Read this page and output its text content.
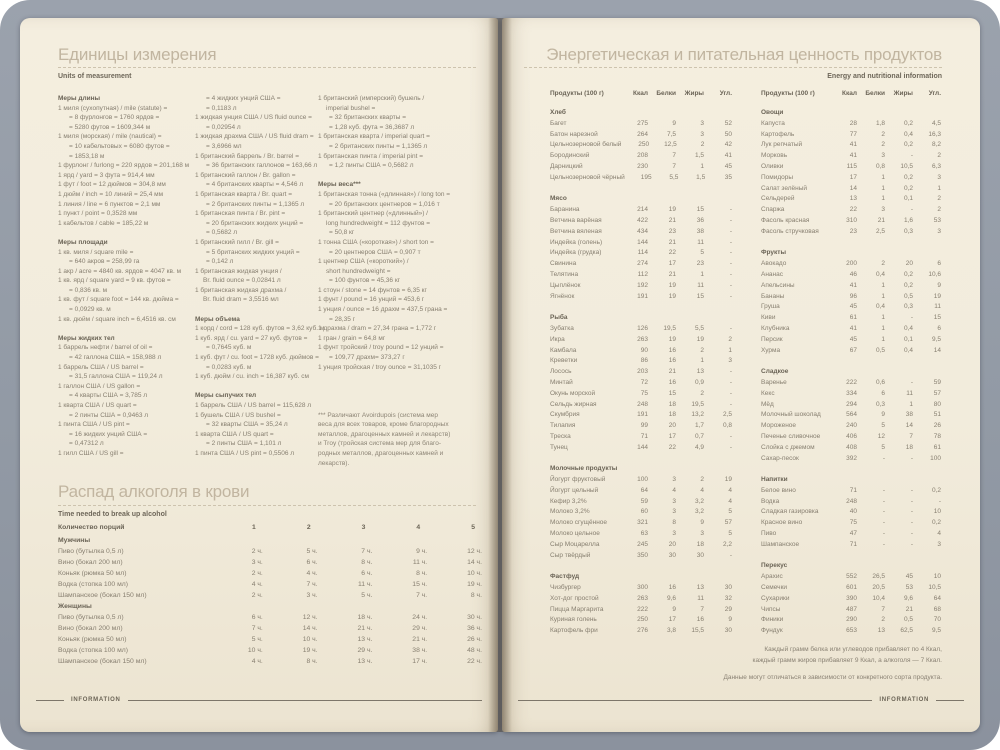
Единицы измерения
Units of measurement
Меры длины
1 миля (сухопутная) / mile (statute) =
= 8 фурлонгов = 1760 ярдов =
= 5280 футов = 1609,344 м
1 миля (морская) / mile (nautical) =
= 10 кабельтовых = 6080 футов =
= 1853,18 м
1 фурлонг / furlong = 220 ярдов = 201,168 м
1 ярд / yard = 3 фута = 914,4 мм
1 фут / foot = 12 дюймов = 304,8 мм
1 дюйм / inch = 10 линий = 25,4 мм
1 линия / line = 6 пунктов = 2,1 мм
1 пункт / point = 0,3528 мм
1 кабельтов / cable = 185,22 м
Меры площади
1 кв. миля / square mile =
= 640 акров = 258,99 га
1 акр / acre = 4840 кв. ярдов = 4047 кв. м
1 кв. ярд / square yard = 9 кв. футов =
= 0,836 кв. м
1 кв. фут / square foot = 144 кв. дюйма =
= 0,0929 кв. м
1 кв. дюйм / square inch = 6,4516 кв. см
Меры жидких тел
1 баррель нефти / barrel of oil =
= 42 галлона США = 158,988 л
1 баррель США / US barrel =
= 31,5 галлона США = 119,24 л
1 галлон США / US gallon =
= 4 кварты США = 3,785 л
1 кварта США / US quart =
= 2 пинты США = 0,9463 л
1 пинта США / US pint =
= 16 жидких унций США =
= 0,47312 л
1 гилл США / US gill =
= 4 жидких унций США =
= 0,1183 л
1 жидкая унция США / US fluid ounce =
= 0,02954 л
1 жидкая драхма США / US fluid dram =
= 3,6966 мл
1 британский баррель / Br. barrel =
= 36 британских галлонов = 163,66 л
1 британский галлон / Br. gallon =
= 4 британских кварты = 4,546 л
1 британская кварта / Br. quart =
= 2 британских пинты = 1,1365 л
1 британская пинта / Br. pint =
= 20 британских жидких унций =
= 0,5682 л
1 британский гилл / Br. gill =
= 5 британских жидких унций =
= 0,142 л
1 британская жидкая унция /
Br. fluid ounce = 0,02841 л
1 британская жидкая драхма /
Br. fluid dram = 3,5516 мл
Меры объема
1 корд / cord = 128 куб. футов = 3,62 куб. м
1 куб. ярд / cu. yard = 27 куб. футов =
= 0,7645 куб. м
1 куб. фут / cu. foot = 1728 куб. дюймов =
= 0,0283 куб. м
1 куб. дюйм / cu. inch = 16,387 куб. см
Меры сыпучих тел
1 баррель США / US barrel = 115,628 л
1 бушель США / US bushel =
= 32 кварты США = 35,24 л
1 кварта США / US quart =
= 2 пинты США = 1,101 л
1 пинта США / US pint = 0,5506 л
1 британский (имперский) бушель /
imperial bushel =
= 32 британских кварты =
= 1,28 куб. фута = 36,3687 л
1 британская кварта / imperial quart =
= 2 британских пинты = 1,1365 л
1 британская пинта / imperial pint =
= 1,2 пинты США = 0,5682 л
Меры веса***
1 британская тонна («длинная») / long ton =
= 20 британских центнеров = 1,016 т
1 британский центнер («длинный») /
long hundredweight = 112 фунтов =
= 50,8 кг
1 тонна США («короткая») / short ton =
= 20 центнеров США = 0,907 т
1 центнер США («короткий») /
short hundredweight =
= 100 фунтов = 45,36 кг
1 стоун / stone = 14 фунтов = 6,35 кг
1 фунт / pound = 16 унций = 453,6 г
1 унция / ounce = 16 драхм = 437,5 грана =
= 28,35 г
1 драхма / dram = 27,34 грана = 1,772 г
1 гран / grain = 64,8 мг
1 фунт тройский / troy pound = 12 унций =
= 109,77 драхм= 373,27 г
1 унция тройская / troy ounce = 31,1035 г
*** Различают Avoirdupois (система мер
веса для всех товаров, кроме благородных
металлов, драгоценных камней и лекарств)
и Troy (тройская система мер для благо-
родных металлов, драгоценных камней и
лекарств).
Распад алкоголя в крови
Time needed to break up alcohol
Количество порций	1	2	3	4	5
Мужчины
Пиво (бутылка 0,5 л)	2 ч.	5 ч.	7 ч.	9 ч.	12 ч.
Вино (бокал 200 мл)	3 ч.	6 ч.	8 ч.	11 ч.	14 ч.
Коньяк (рюмка 50 мл)	2 ч.	4 ч.	6 ч.	8 ч.	10 ч.
Водка (стопка 100 мл)	4 ч.	7 ч.	11 ч.	15 ч.	19 ч.
Шампанское (бокал 150 мл)	2 ч.	3 ч.	5 ч.	7 ч.	8 ч.
Женщины
Пиво (бутылка 0,5 л)	6 ч.	12 ч.	18 ч.	24 ч.	30 ч.
Вино (бокал 200 мл)	7 ч.	14 ч.	21 ч.	29 ч.	36 ч.
Коньяк (рюмка 50 мл)	5 ч.	10 ч.	13 ч.	21 ч.	26 ч.
Водка (стопка 100 мл)	10 ч.	19 ч.	29 ч.	38 ч.	48 ч.
Шампанское (бокал 150 мл)	4 ч.	8 ч.	13 ч.	17 ч.	22 ч.
INFORMATION
Энергетическая и питательная ценность продуктов
Energy and nutritional information
Продукты (100 г)	Ккал	Белки	Жиры	Угл.
Хлеб
Багет	275	9	3	52
Батон нарезной	264	7,5	3	50
Цельнозерновой белый	250	12,5	2	42
Бородинский	208	7	1,5	41
Дарницкий	230	7	1	45
Цельнозерновой чёрный	195	5,5	1,5	35
Мясо
Баранина	214	19	15	-
Ветчина варёная	422	21	36	-
Ветчина вяленая	434	23	38	-
Индейка (голень)	144	21	11	-
Индейка (грудка)	114	22	5	-
Свинина	274	17	23	-
Телятина	112	21	1	-
Цыплёнок	192	19	11	-
Ягнёнок	191	19	15	-
Рыба
Зубатка	126	19,5	5,5	-
Икра	263	19	19	2
Камбала	90	16	2	1
Креветки	86	16	1	3
Лосось	203	21	13	-
Минтай	72	16	0,9	-
Окунь морской	75	15	2	-
Сельдь жирная	248	18	19,5	-
Скумбрия	191	18	13,2	2,5
Тилапия	99	20	1,7	0,8
Треска	71	17	0,7	-
Тунец	144	22	4,9	-
Молочные продукты
Йогурт фруктовый	100	3	2	19
Йогурт цельный	64	4	4	4
Кефир 3,2%	59	3	3,2	4
Молоко 3,2%	60	3	3,2	5
Молоко сгущённое	321	8	9	57
Молоко цельное	63	3	3	5
Сыр Моцарелла	245	20	18	2,2
Сыр твёрдый	350	30	30	-
Фастфуд
Чизбургер	300	16	13	30
Хот-дог простой	263	9,6	11	32
Пицца Маргарита	222	9	7	29
Куриная голень	250	17	16	9
Картофель фри	276	3,8	15,5	30
Продукты (100 г)	Ккал	Белки	Жиры	Угл.
Овощи
Капуста	28	1,8	0,2	4,5
Картофель	77	2	0,4	16,3
Лук репчатый	41	2	0,2	8,2
Морковь	41	3	-	2
Оливки	115	0,8	10,5	6,3
Помидоры	17	1	0,2	3
Салат зелёный	14	1	0,2	1
Сельдерей	13	1	0,1	2
Спаржа	22	3	-	2
Фасоль красная	310	21	1,6	53
Фасоль стручковая	23	2,5	0,3	3
Фрукты
Авокадо	200	2	20	6
Ананас	46	0,4	0,2	10,6
Апельсины	41	1	0,2	9
Бананы	96	1	0,5	19
Груша	45	0,4	0,3	11
Киви	61	1	-	15
Клубника	41	1	0,4	6
Персик	45	1	0,1	9,5
Хурма	67	0,5	0,4	14
Сладкое
Варенье	222	0,6	-	59
Кекс	334	6	11	57
Мёд	294	0,3	1	80
Молочный шоколад	564	9	38	51
Мороженое	240	5	14	26
Печенье сливочное	406	12	7	78
Слойка с джемом	408	5	18	61
Сахар-песок	392	-	-	100
Напитки
Белое вино	71	-	-	0,2
Водка	248	-	-	-
Сладкая газировка	40	-	-	10
Красное вино	75	-	-	0,2
Пиво	47	-	-	4
Шампанское	71	-	-	3
Перекус
Арахис	552	26,5	45	10
Семечки	601	20,5	53	10,5
Сухарики	390	10,4	9,6	64
Чипсы	487	7	21	68
Финики	290	2	0,5	70
Фундук	653	13	62,5	9,5
Каждый грамм белка или углеводов прибавляет по 4 Ккал,
каждый грамм жиров прибавляет 9 Ккал, а алкоголя — 7 Ккал.
Данные могут отличаться в зависимости от конкретного сорта продукта.
INFORMATION
